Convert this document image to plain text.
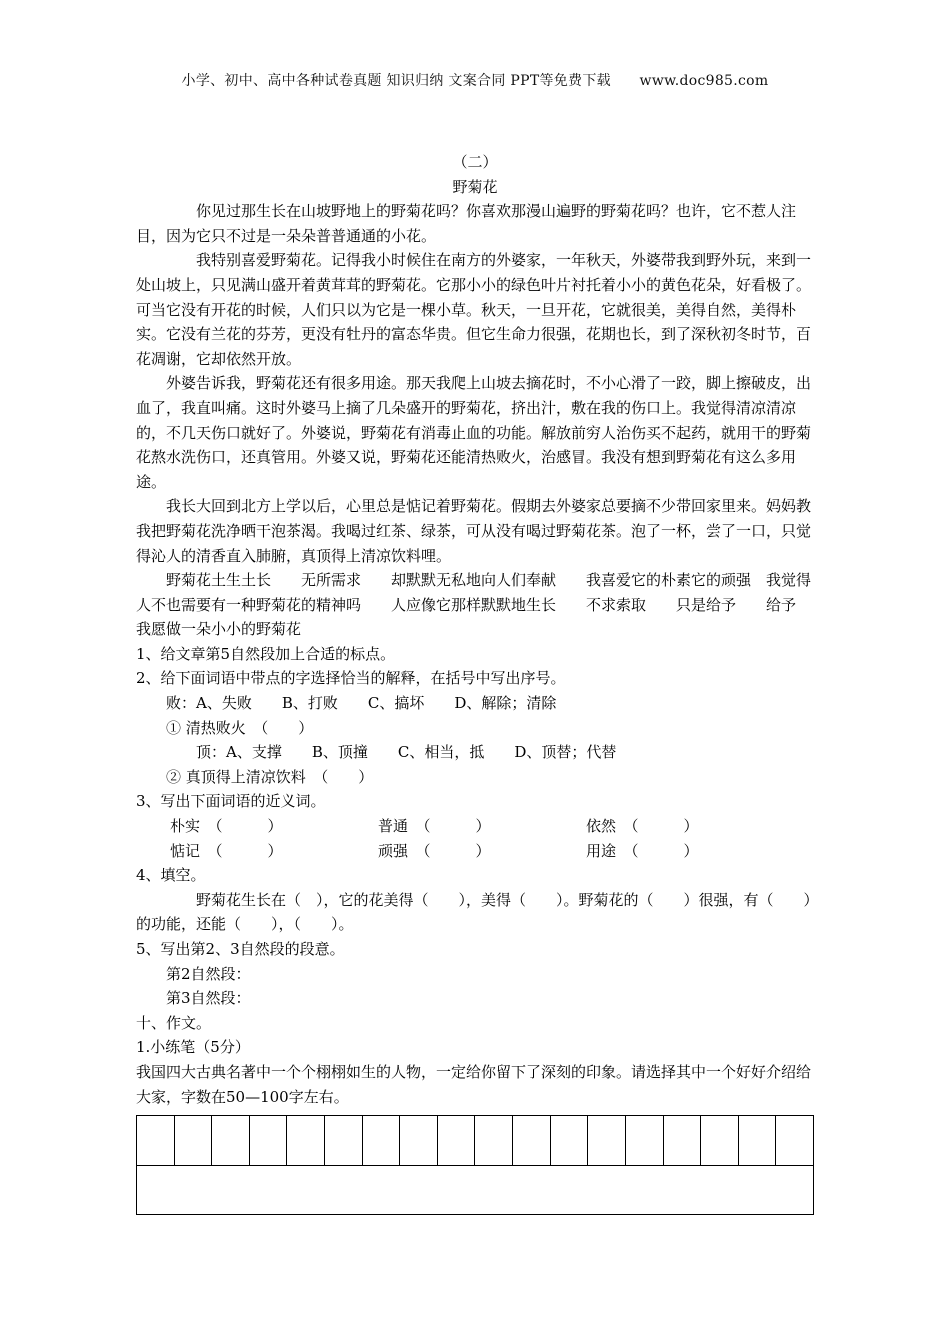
小学、初中、高中各种试卷真题 知识归纳 文案合同 PPT等免费下载　　www.doc985.com

（二）

野菊花

你见过那生长在山坡野地上的野菊花吗？你喜欢那漫山遍野的野菊花吗？也许，它不惹人注目，因为它只不过是一朵朵普普通通的小花。

我特别喜爱野菊花。记得我小时候住在南方的外婆家，一年秋天，外婆带我到野外玩，来到一处山坡上，只见满山盛开着黄茸茸的野菊花。它那小小的绿色叶片衬托着小小的黄色花朵，好看极了。可当它没有开花的时候，人们只以为它是一棵小草。秋天，一旦开花，它就很美，美得自然，美得朴实。它没有兰花的芬芳，更没有牡丹的富态华贵。但它生命力很强，花期也长，到了深秋初冬时节，百花凋谢，它却依然开放。

外婆告诉我，野菊花还有很多用途。那天我爬上山坡去摘花时，不小心滑了一跤，脚上擦破皮，出血了，我直叫痛。这时外婆马上摘了几朵盛开的野菊花，挤出汁，敷在我的伤口上。我觉得清凉清凉的，不几天伤口就好了。外婆说，野菊花有消毒止血的功能。解放前穷人治伤买不起药，就用干的野菊花熬水洗伤口，还真管用。外婆又说，野菊花还能清热败火，治感冒。我没有想到野菊花有这么多用途。

我长大回到北方上学以后，心里总是惦记着野菊花。假期去外婆家总要摘不少带回家里来。妈妈教我把野菊花洗净晒干泡茶渴。我喝过红茶、绿茶，可从没有喝过野菊花茶。泡了一杯，尝了一口，只觉得沁人的清香直入肺腑，真顶得上清凉饮料哩。

野菊花土生土长　　无所需求　　却默默无私地向人们奉献　　我喜爱它的朴素它的顽强　我觉得人不也需要有一种野菊花的精神吗　　人应像它那样默默地生长　　不求索取　　只是给予　　给予　　我愿做一朵小小的野菊花

1、给文章第5自然段加上合适的标点。

2、给下面词语中带点的字选择恰当的解释，在括号中写出序号。

败：A、失败　　B、打败　　C、搞坏　　D、解除；清除

① 清热败火　（　　）

顶：A、支撑　　B、顶撞　　C、相当，抵　　D、顶替；代替

② 真顶得上清凉饮料　（　　）

3、写出下面词语的近义词。

朴实　（　　　）	普通　（　　　）	依然　（　　　）
惦记　（　　　）	顽强　（　　　）	用途　（　　　）

4、填空。

野菊花生长在（　），它的花美得（　　），美得（　　）。野菊花的（　　）很强，有（　　）的功能，还能（　　），（　　）。

5、写出第2、3自然段的段意。

第2自然段：

第3自然段：

十、作文。

1.小练笔（5分）

我国四大古典名著中一个个栩栩如生的人物，一定给你留下了深刻的印象。请选择其中一个好好介绍给大家，字数在50—100字左右。
